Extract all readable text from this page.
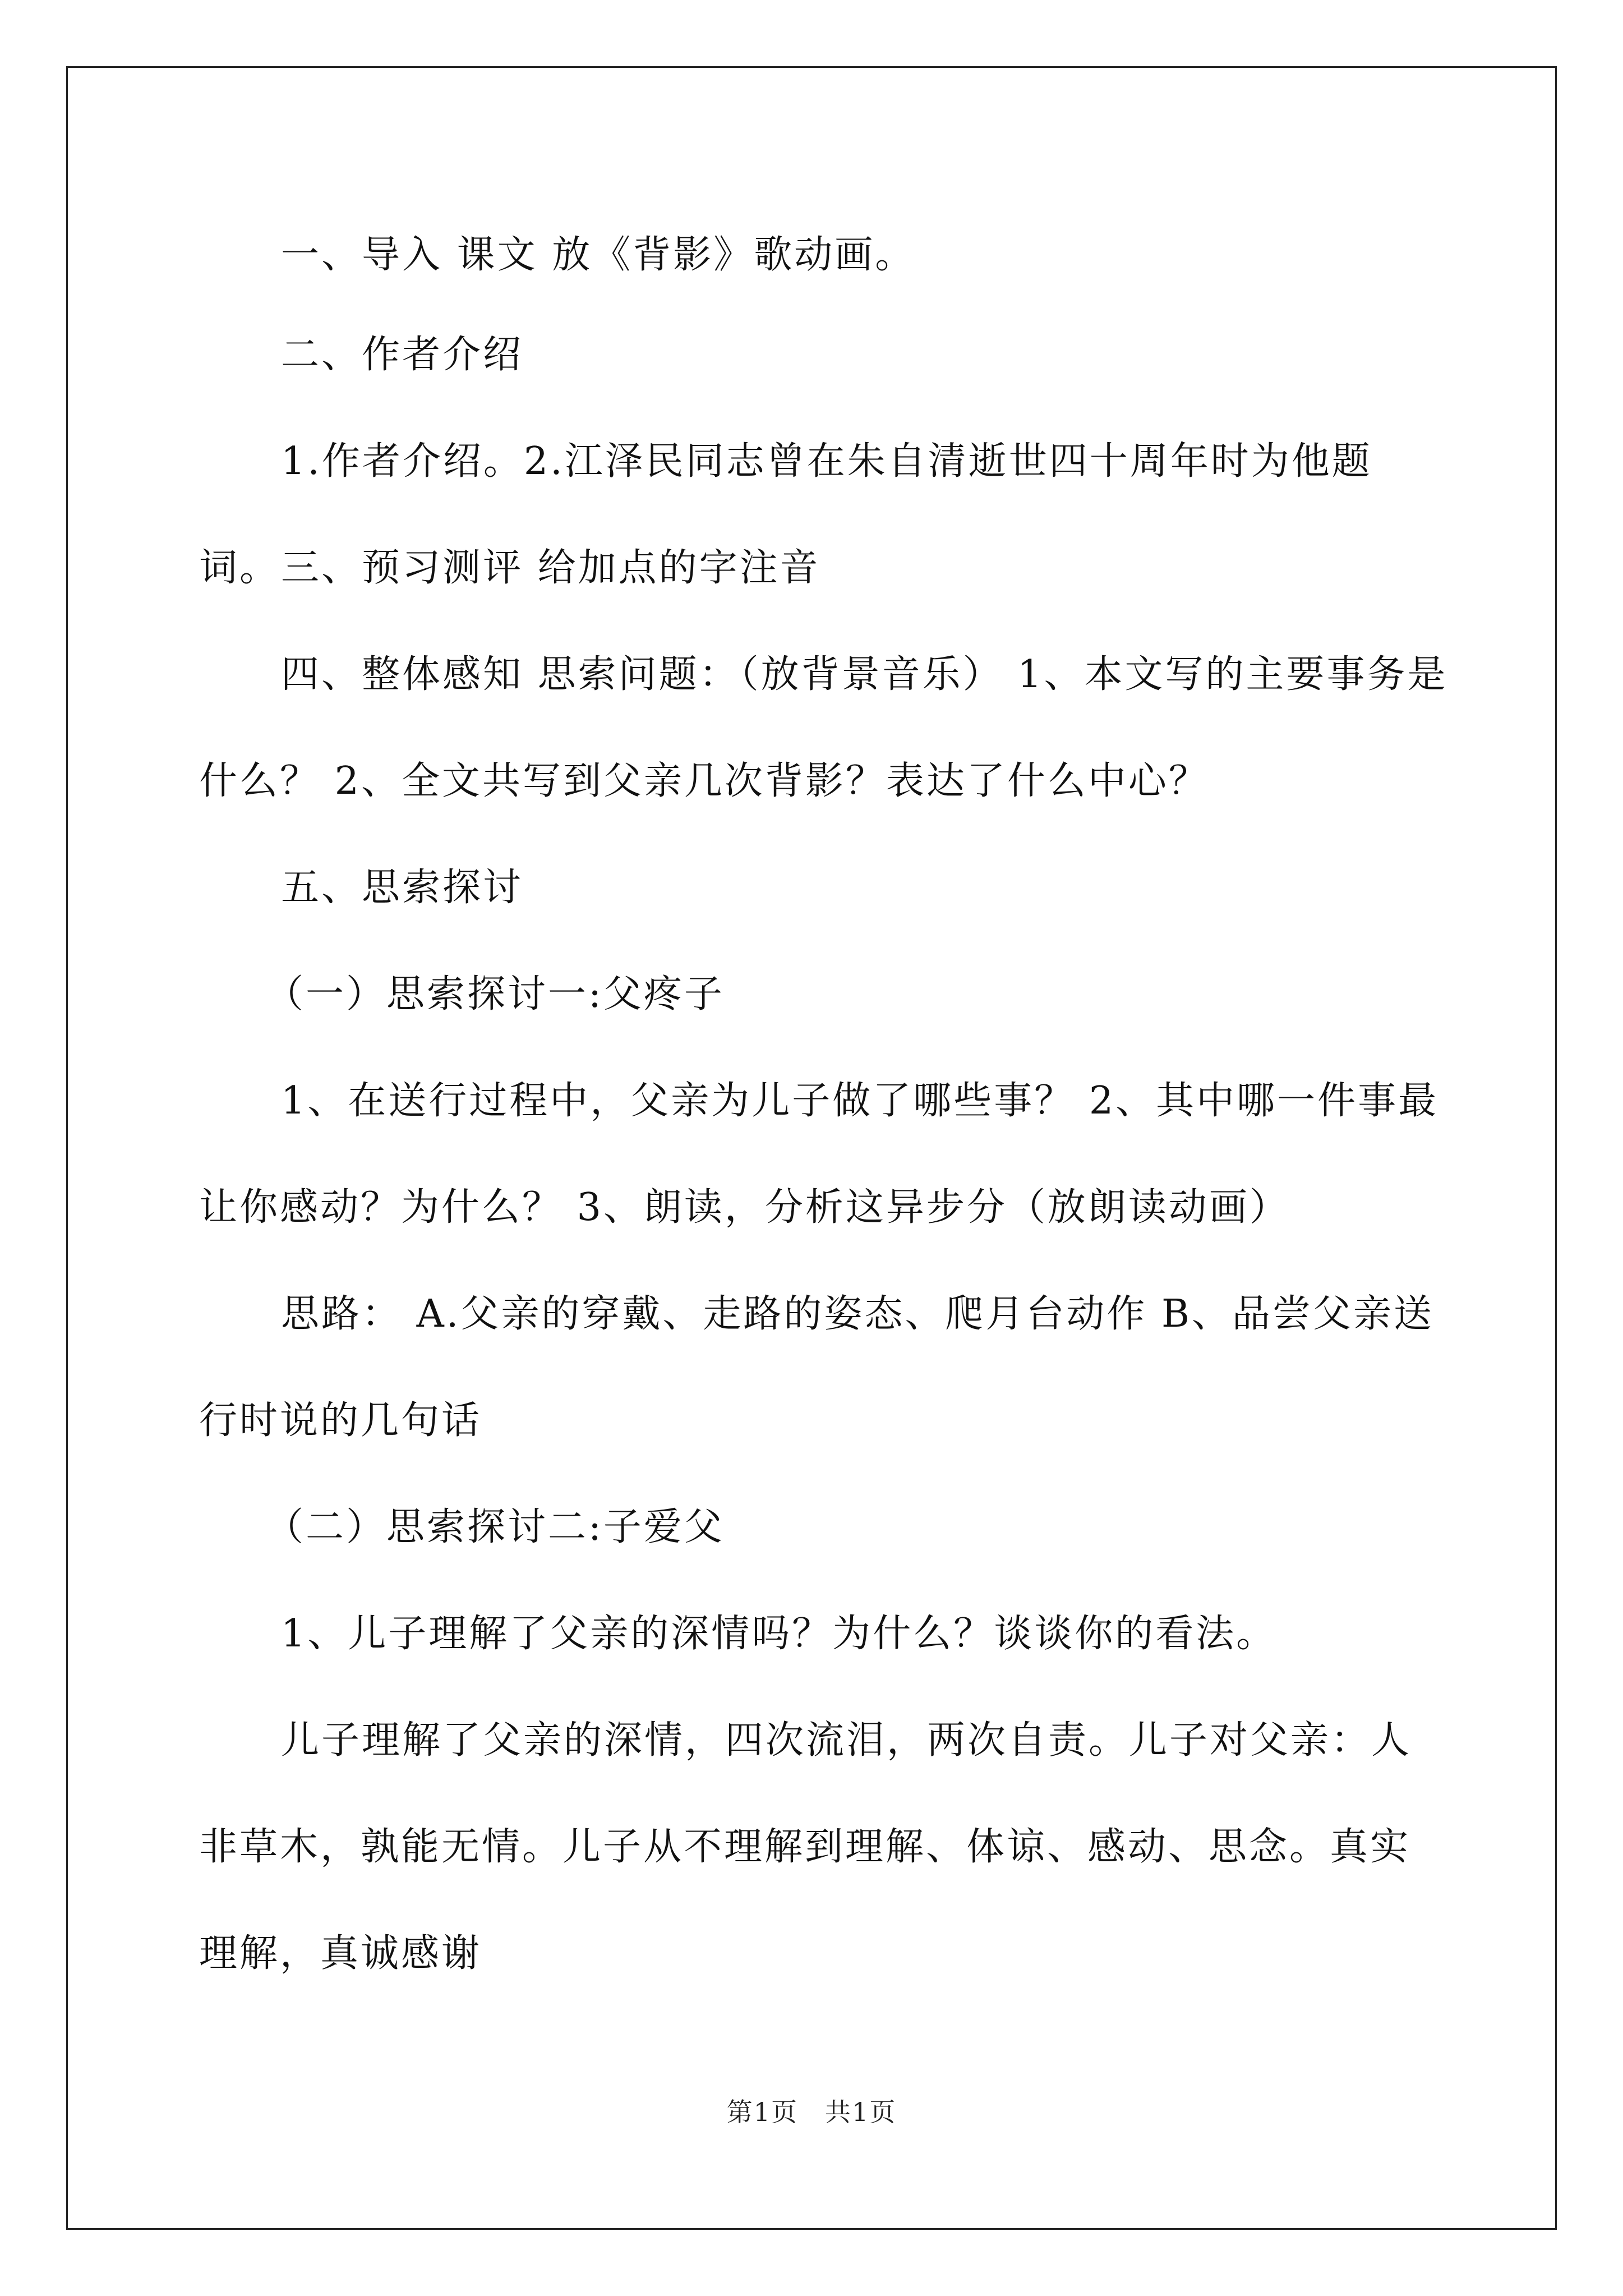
一、导入 课文 放《背影》歌动画。
二、作者介绍
1.作者介绍。2.江泽民同志曾在朱自清逝世四十周年时为他题词。 三、预习测评 给加点的字注音
四、整体感知 思索问题：（放背景音乐） 1、本文写的主要事务是什么？ 2、全文共写到父亲几次背影？表达了什么中心？
五、思索探讨
（一）思索探讨一:父疼子
1、在送行过程中，父亲为儿子做了哪些事？ 2、其中哪一件事最让你感动？为什么？ 3、朗读，分析这异步分（放朗读动画）
思路： A.父亲的穿戴、走路的姿态、爬月台动作 B、品尝父亲送行时说的几句话
（二）思索探讨二:子爱父
1、儿子理解了父亲的深情吗？为什么？谈谈你的看法。
儿子理解了父亲的深情，四次流泪，两次自责。儿子对父亲：人非草木，孰能无情。儿子从不理解到理解、体谅、感动、思念。真实理解，真诚感谢
第1页　共1页
